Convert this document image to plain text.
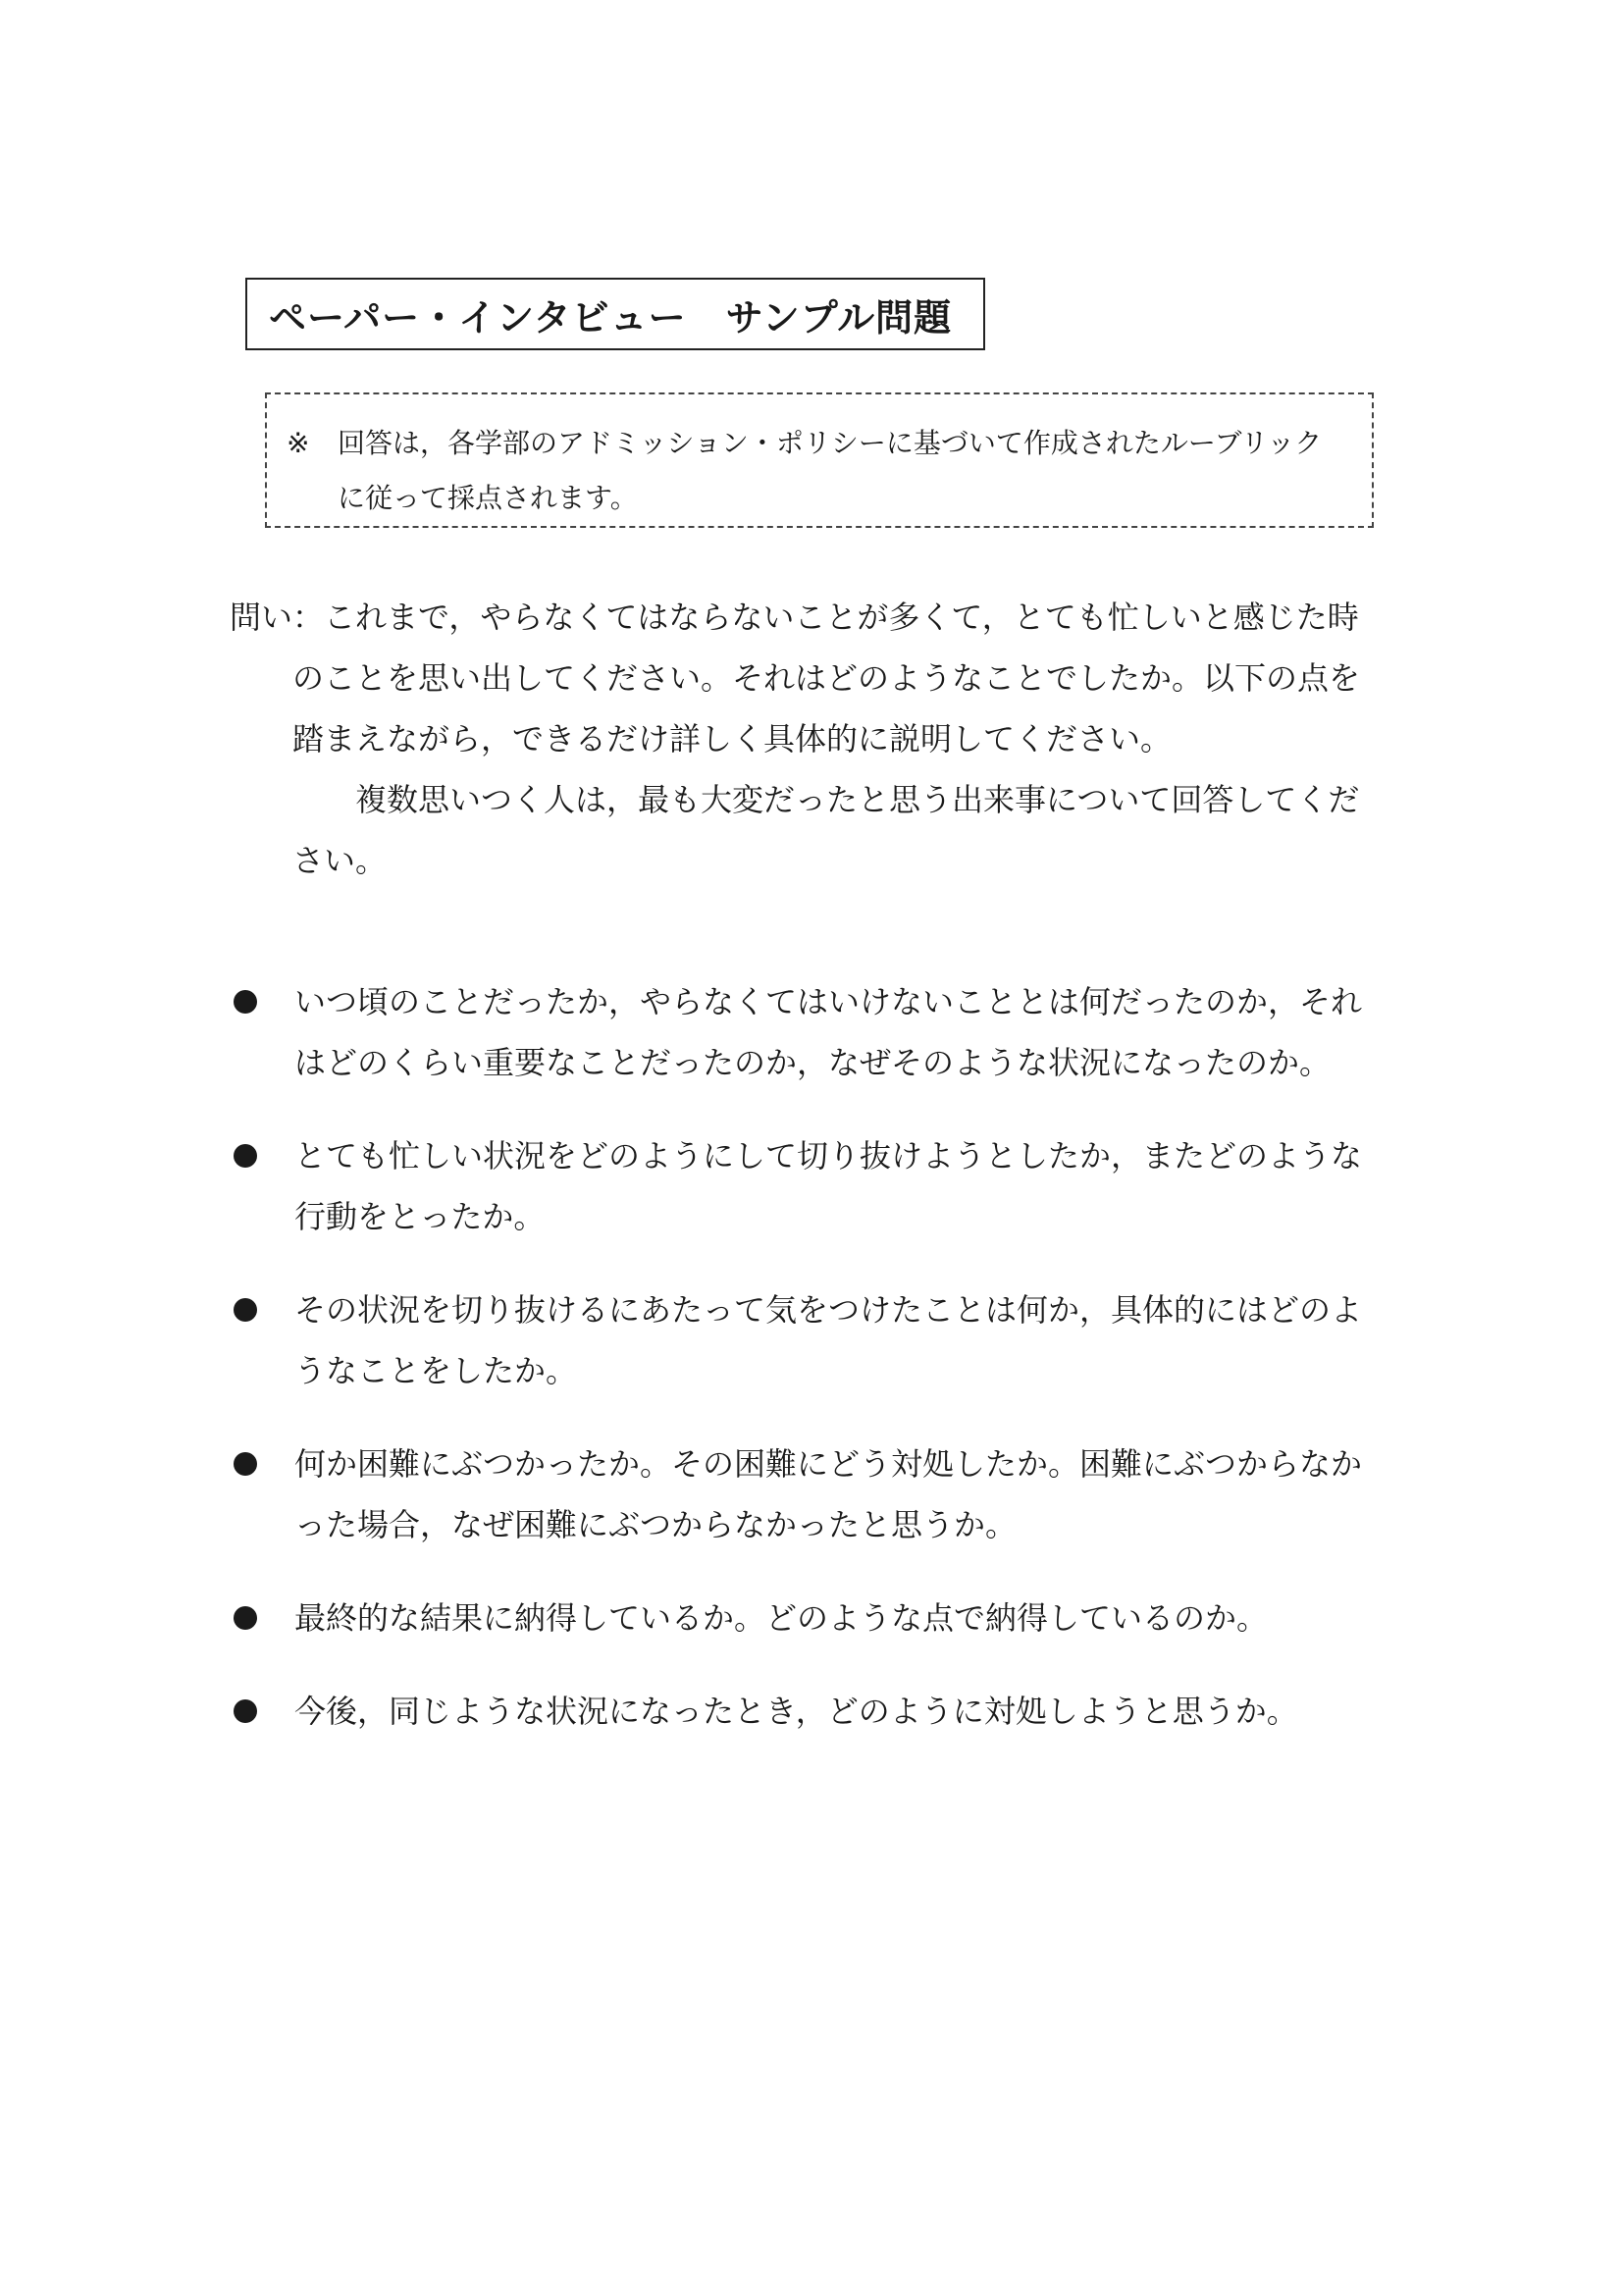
ペーパー・インタビュー サンプル問題
※	回答は，各学部のアドミッション・ポリシーに基づいて作成されたルーブリック
に従って採点されます。
問い：これまで，やらなくてはならないことが多くて，とても忙しいと感じた時
のことを思い出してください。それはどのようなことでしたか。以下の点を
踏まえながら，できるだけ詳しく具体的に説明してください。
複数思いつく人は，最も大変だったと思う出来事について回答してくだ
さい。
いつ頃のことだったか，やらなくてはいけないこととは何だったのか，それ
はどのくらい重要なことだったのか，なぜそのような状況になったのか。
とても忙しい状況をどのようにして切り抜けようとしたか，またどのような
行動をとったか。
その状況を切り抜けるにあたって気をつけたことは何か，具体的にはどのよ
うなことをしたか。
何か困難にぶつかったか。その困難にどう対処したか。困難にぶつからなか
った場合，なぜ困難にぶつからなかったと思うか。
最終的な結果に納得しているか。どのような点で納得しているのか。
今後，同じような状況になったとき，どのように対処しようと思うか。
